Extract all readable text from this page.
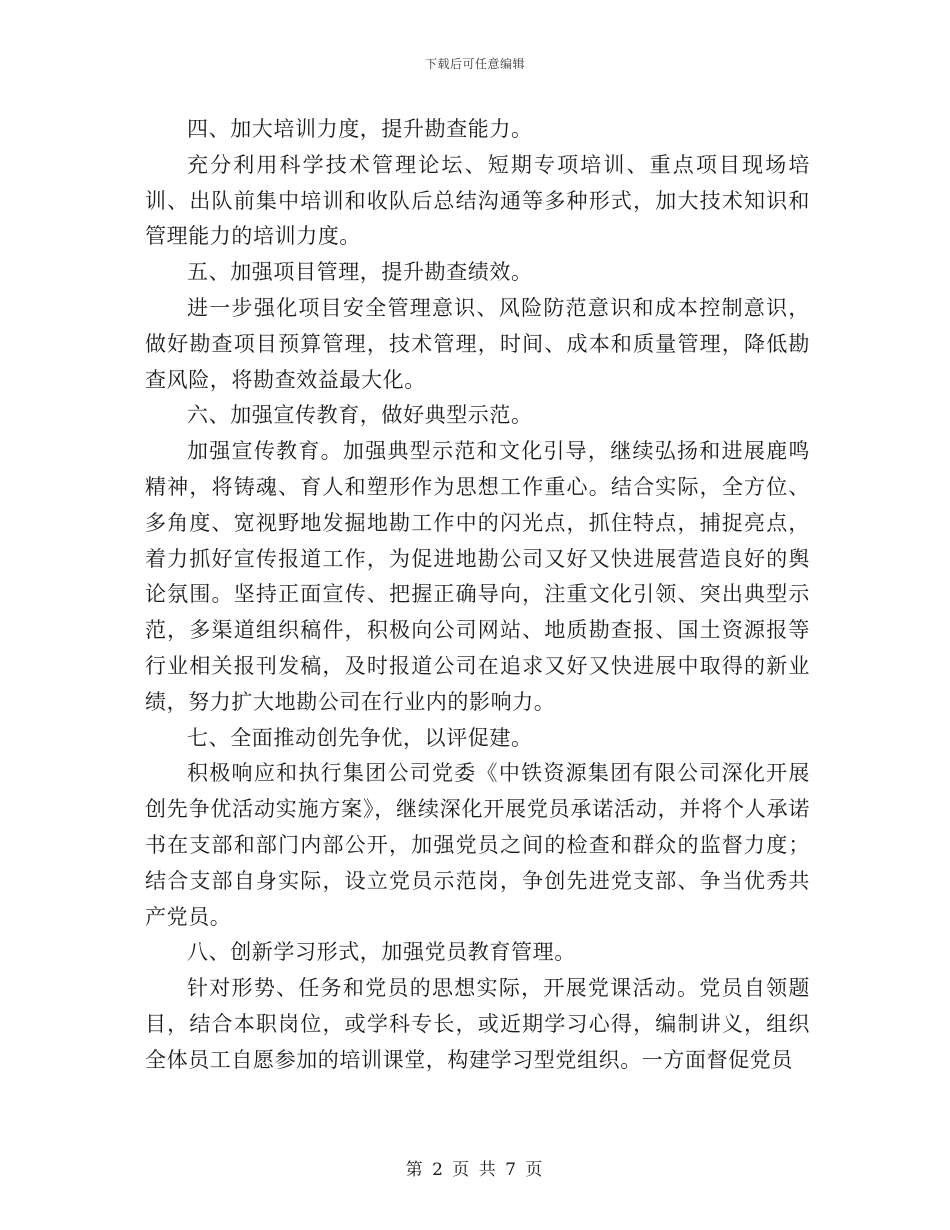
下载后可任意编辑

四、加大培训力度，提升勘查能力。

充分利用科学技术管理论坛、短期专项培训、重点项目现场培训、出队前集中培训和收队后总结沟通等多种形式，加大技术知识和管理能力的培训力度。

五、加强项目管理，提升勘查绩效。

进一步强化项目安全管理意识、风险防范意识和成本控制意识，做好勘查项目预算管理，技术管理，时间、成本和质量管理，降低勘查风险，将勘查效益最大化。

六、加强宣传教育，做好典型示范。

加强宣传教育。加强典型示范和文化引导，继续弘扬和进展鹿鸣精神，将铸魂、育人和塑形作为思想工作重心。结合实际，全方位、多角度、宽视野地发掘地勘工作中的闪光点，抓住特点，捕捉亮点，着力抓好宣传报道工作，为促进地勘公司又好又快进展营造良好的舆论氛围。坚持正面宣传、把握正确导向，注重文化引领、突出典型示范，多渠道组织稿件，积极向公司网站、地质勘查报、国土资源报等行业相关报刊发稿，及时报道公司在追求又好又快进展中取得的新业绩，努力扩大地勘公司在行业内的影响力。

七、全面推动创先争优，以评促建。

积极响应和执行集团公司党委《中铁资源集团有限公司深化开展创先争优活动实施方案》，继续深化开展党员承诺活动，并将个人承诺书在支部和部门内部公开，加强党员之间的检查和群众的监督力度；结合支部自身实际，设立党员示范岗，争创先进党支部、争当优秀共产党员。

八、创新学习形式，加强党员教育管理。

针对形势、任务和党员的思想实际，开展党课活动。党员自领题目，结合本职岗位，或学科专长，或近期学习心得，编制讲义，组织全体员工自愿参加的培训课堂，构建学习型党组织。一方面督促党员

第 2 页 共 7 页
